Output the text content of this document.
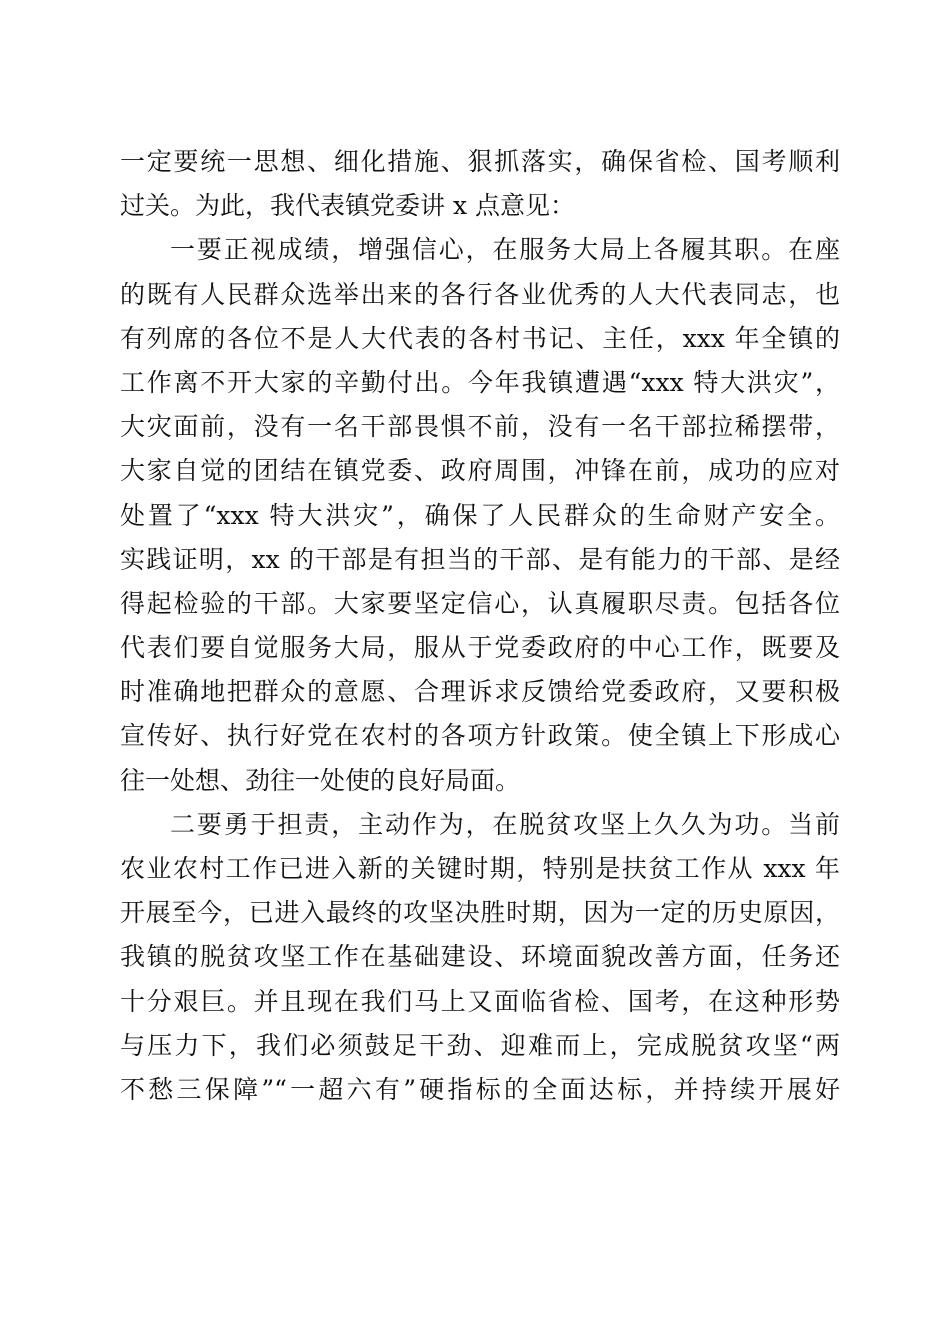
一定要统一思想、细化措施、狠抓落实，确保省检、国考顺利
过关。为此，我代表镇党委讲 x 点意见：
一要正视成绩，增强信心，在服务大局上各履其职。在座
的既有人民群众选举出来的各行各业优秀的人大代表同志，也
有列席的各位不是人大代表的各村书记、主任，xxx 年全镇的
工作离不开大家的辛勤付出。今年我镇遭遇“xxx 特大洪灾”，
大灾面前，没有一名干部畏惧不前，没有一名干部拉稀摆带，
大家自觉的团结在镇党委、政府周围，冲锋在前，成功的应对
处置了“xxx 特大洪灾”，确保了人民群众的生命财产安全。
实践证明，xx 的干部是有担当的干部、是有能力的干部、是经
得起检验的干部。大家要坚定信心，认真履职尽责。包括各位
代表们要自觉服务大局，服从于党委政府的中心工作，既要及
时准确地把群众的意愿、合理诉求反馈给党委政府，又要积极
宣传好、执行好党在农村的各项方针政策。使全镇上下形成心
往一处想、劲往一处使的良好局面。
二要勇于担责，主动作为，在脱贫攻坚上久久为功。当前
农业农村工作已进入新的关键时期，特别是扶贫工作从 xxx 年
开展至今，已进入最终的攻坚决胜时期，因为一定的历史原因，
我镇的脱贫攻坚工作在基础建设、环境面貌改善方面，任务还
十分艰巨。并且现在我们马上又面临省检、国考，在这种形势
与压力下，我们必须鼓足干劲、迎难而上，完成脱贫攻坚“两
不愁三保障”“一超六有”硬指标的全面达标，并持续开展好
